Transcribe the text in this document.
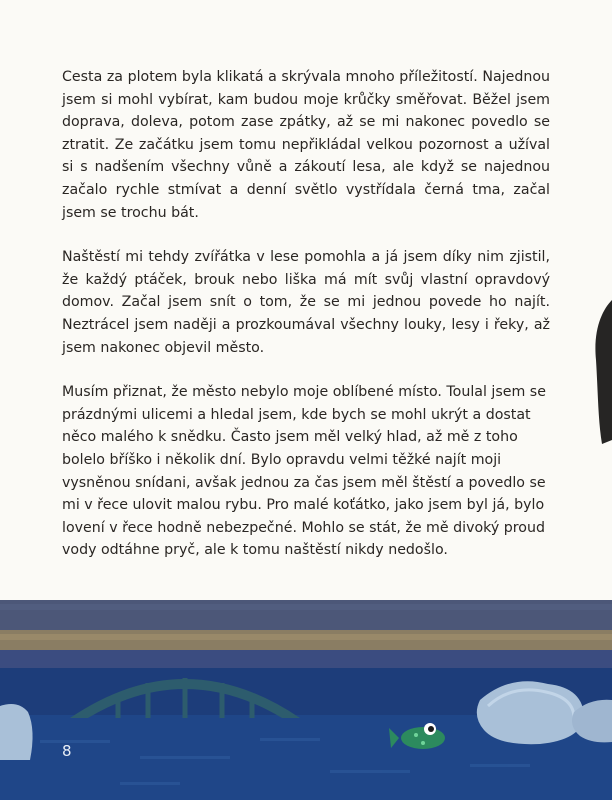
Cesta za plotem byla klikatá a skrývala mnoho příležitostí. Najednou jsem si mohl vybírat, kam budou moje krůčky směřovat. Běžel jsem doprava, doleva, potom zase zpátky, až se mi nakonec povedlo se ztratit. Ze začátku jsem tomu nepřikládal velkou pozornost a užíval si s nadšením všechny vůně a zákoutí lesa, ale když se najednou začalo rychle stmívat a denní světlo vystřídala černá tma, začal jsem se trochu bát.

Naštěstí mi tehdy zvířátka v lese pomohla a já jsem díky nim zjistil, že každý ptáček, brouk nebo liška má mít svůj vlastní opravdový domov. Začal jsem snít o tom, že se mi jednou povede ho najít. Neztrácel jsem naději a prozkoumával všechny louky, lesy i řeky, až jsem nakonec objevil město.

Musím přiznat, že město nebylo moje oblíbené místo. Toulal jsem se prázdnými ulicemi a hledal jsem, kde bych se mohl ukrýt a dostat něco malého k snědku. Často jsem měl velký hlad, až mě z toho bolelo bříško i několik dní. Bylo opravdu velmi těžké najít moji vysněnou snídani, avšak jednou za čas jsem měl štěstí a povedlo se mi v řece ulovit malou rybu. Pro malé koťátko, jako jsem byl já, bylo lovení v řece hodně nebezpečné. Mohlo se stát, že mě divoký proud vody odtáhne pryč, ale k tomu naštěstí nikdy nedošlo.

8
